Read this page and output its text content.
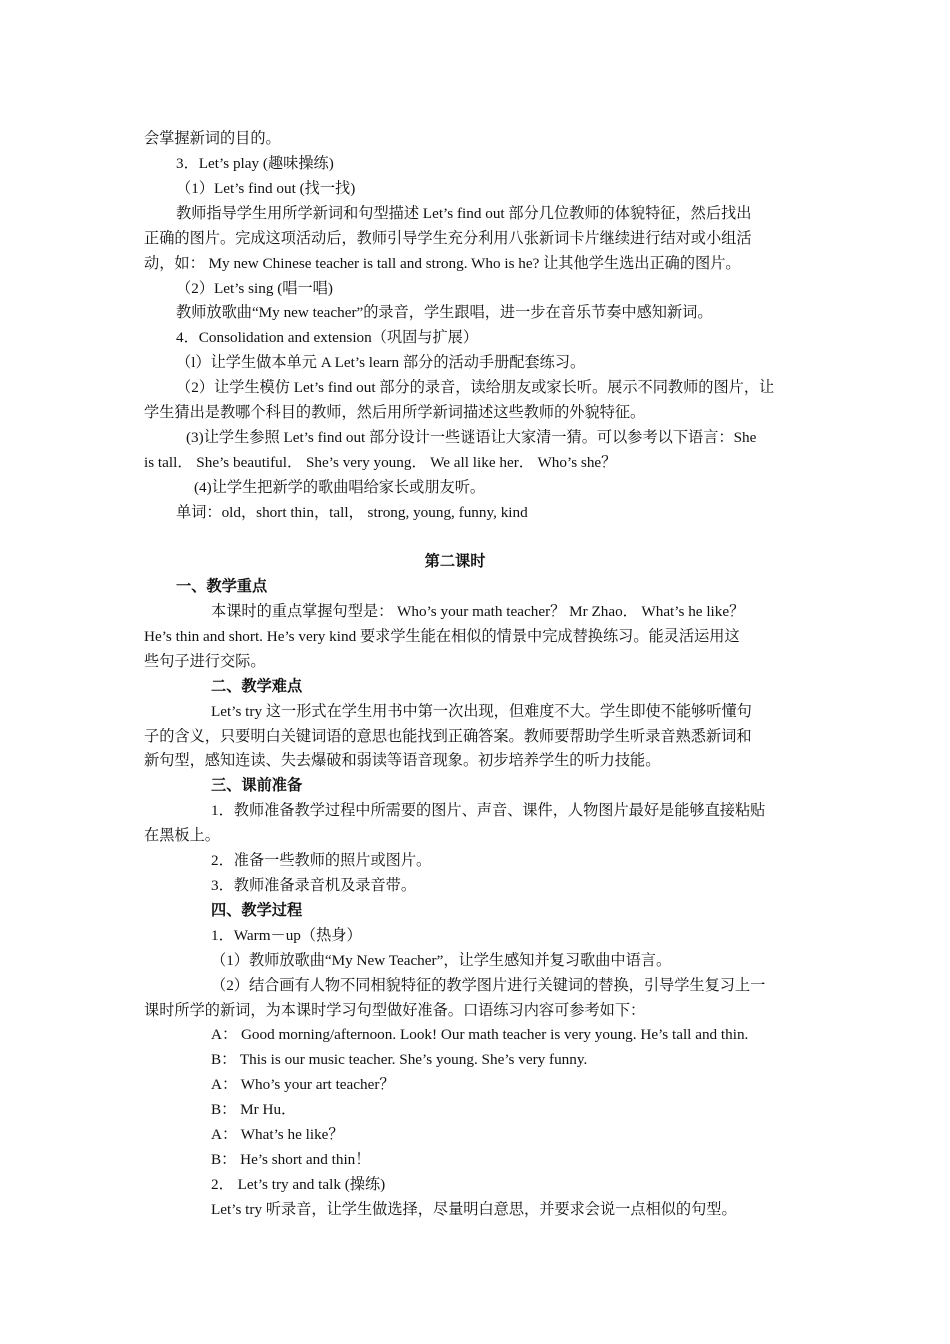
会掌握新词的目的。
3．Let’s play (趣味操练)
（1）Let’s find out (找一找)
教师指导学生用所学新词和句型描述 Let’s find out 部分几位教师的体貌特征，然后找出
正确的图片。完成这项活动后，教师引导学生充分利用八张新词卡片继续进行结对或小组活
动，如： My new Chinese teacher is tall and strong. Who is he? 让其他学生选出正确的图片。
（2）Let’s sing (唱一唱)
教师放歌曲“My new teacher”的录音，学生跟唱，进一步在音乐节奏中感知新词。
4．Consolidation and extension（巩固与扩展）
（l）让学生做本单元 A Let’s learn 部分的活动手册配套练习。
（2）让学生模仿 Let’s find out 部分的录音，读给朋友或家长听。展示不同教师的图片，让
学生猜出是教哪个科目的教师，然后用所学新词描述这些教师的外貌特征。
(3)让学生参照 Let’s find out 部分设计一些谜语让大家清一猜。可以参考以下语言：She
is tall． She’s beautiful． She’s very young． We all like her． Who’s she？
(4)让学生把新学的歌曲唱给家长或朋友听。
单词：old，short thin，tall， strong, young, funny, kind
第二课时
一、教学重点
本课时的重点掌握句型是： Who’s your math teacher？ Mr Zhao． What’s he like？
He’s thin and short. He’s very kind 要求学生能在相似的情景中完成替换练习。能灵活运用这
些句子进行交际。
二、教学难点
Let’s try 这一形式在学生用书中第一次出现，但难度不大。学生即使不能够听懂句
子的含义，只要明白关键词语的意思也能找到正确答案。教师要帮助学生听录音熟悉新词和
新句型，感知连读、失去爆破和弱读等语音现象。初步培养学生的听力技能。
三、课前准备
1．教师准备教学过程中所需要的图片、声音、课件，人物图片最好是能够直接粘贴
在黑板上。
2．准备一些教师的照片或图片。
3．教师准备录音机及录音带。
四、教学过程
1．Warm－up（热身）
（1）教师放歌曲“My New Teacher”，让学生感知并复习歌曲中语言。
（2）结合画有人物不同相貌特征的教学图片进行关键词的替换，引导学生复习上一
课时所学的新词，为本课时学习句型做好准备。口语练习内容可参考如下：
A： Good morning/afternoon. Look! Our math teacher is very young. He’s tall and thin.
B： This is our music teacher. She’s young. She’s very funny.
A： Who’s your art teacher？
B： Mr Hu．
A： What’s he like？
B： He’s short and thin！
2． Let’s try and talk (操练)
Let’s try 听录音，让学生做选择，尽量明白意思，并要求会说一点相似的句型。
